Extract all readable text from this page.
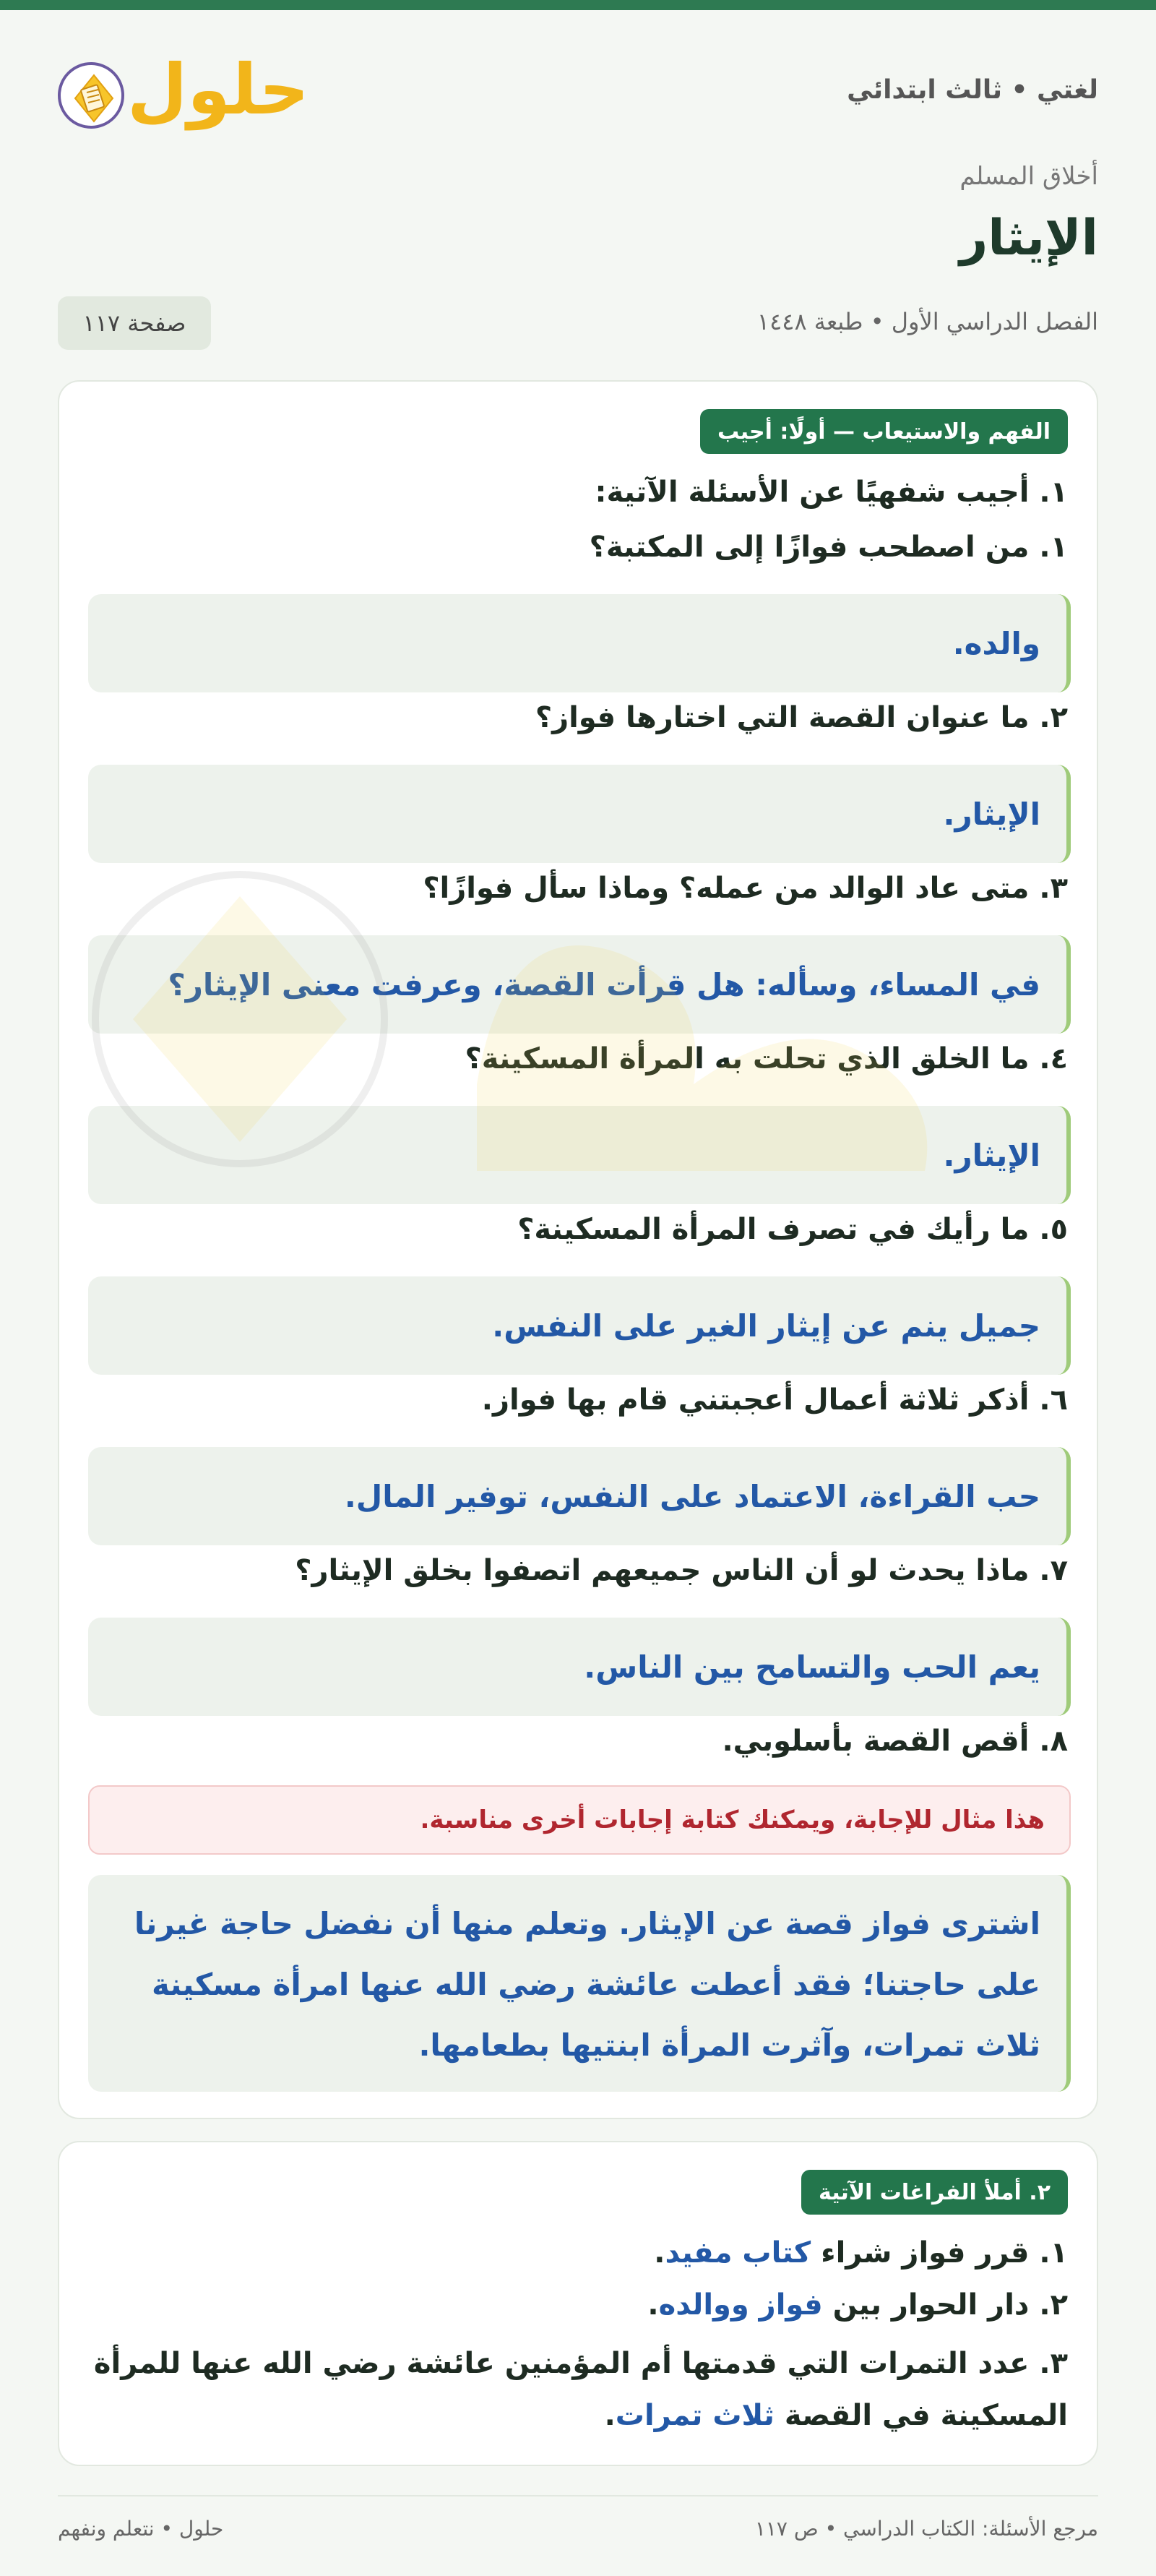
لغتي • ثالث ابتدائي
حلول
أخلاق المسلم
الإيثار
الفصل الدراسي الأول • طبعة ١٤٤٨
صفحة ١١٧
الفهم والاستيعاب — أولًا: أجيب
١. أجيب شفهيًا عن الأسئلة الآتية:
١. من اصطحب فوازًا إلى المكتبة؟
والده.
٢. ما عنوان القصة التي اختارها فواز؟
الإيثار.
٣. متى عاد الوالد من عمله؟ وماذا سأل فوازًا؟
في المساء، وسأله: هل قرأت القصة، وعرفت معنى الإيثار؟
٤. ما الخلق الذي تحلت به المرأة المسكينة؟
الإيثار.
٥. ما رأيك في تصرف المرأة المسكينة؟
جميل ينم عن إيثار الغير على النفس.
٦. أذكر ثلاثة أعمال أعجبتني قام بها فواز.
حب القراءة، الاعتماد على النفس، توفير المال.
٧. ماذا يحدث لو أن الناس جميعهم اتصفوا بخلق الإيثار؟
يعم الحب والتسامح بين الناس.
٨. أقص القصة بأسلوبي.
هذا مثال للإجابة، ويمكنك كتابة إجابات أخرى مناسبة.
اشترى فواز قصة عن الإيثار. وتعلم منها أن نفضل حاجة غيرنا على حاجتنا؛ فقد أعطت عائشة رضي الله عنها امرأة مسكينة ثلاث تمرات، وآثرت المرأة ابنتيها بطعامها.
٢. أملأ الفراغات الآتية
١. قرر فواز شراء كتاب مفيد.
٢. دار الحوار بين فواز ووالده.
٣. عدد التمرات التي قدمتها أم المؤمنين عائشة رضي الله عنها للمرأة المسكينة في القصة ثلاث تمرات.
مرجع الأسئلة: الكتاب الدراسي • ص ١١٧
حلول • نتعلم ونفهم
